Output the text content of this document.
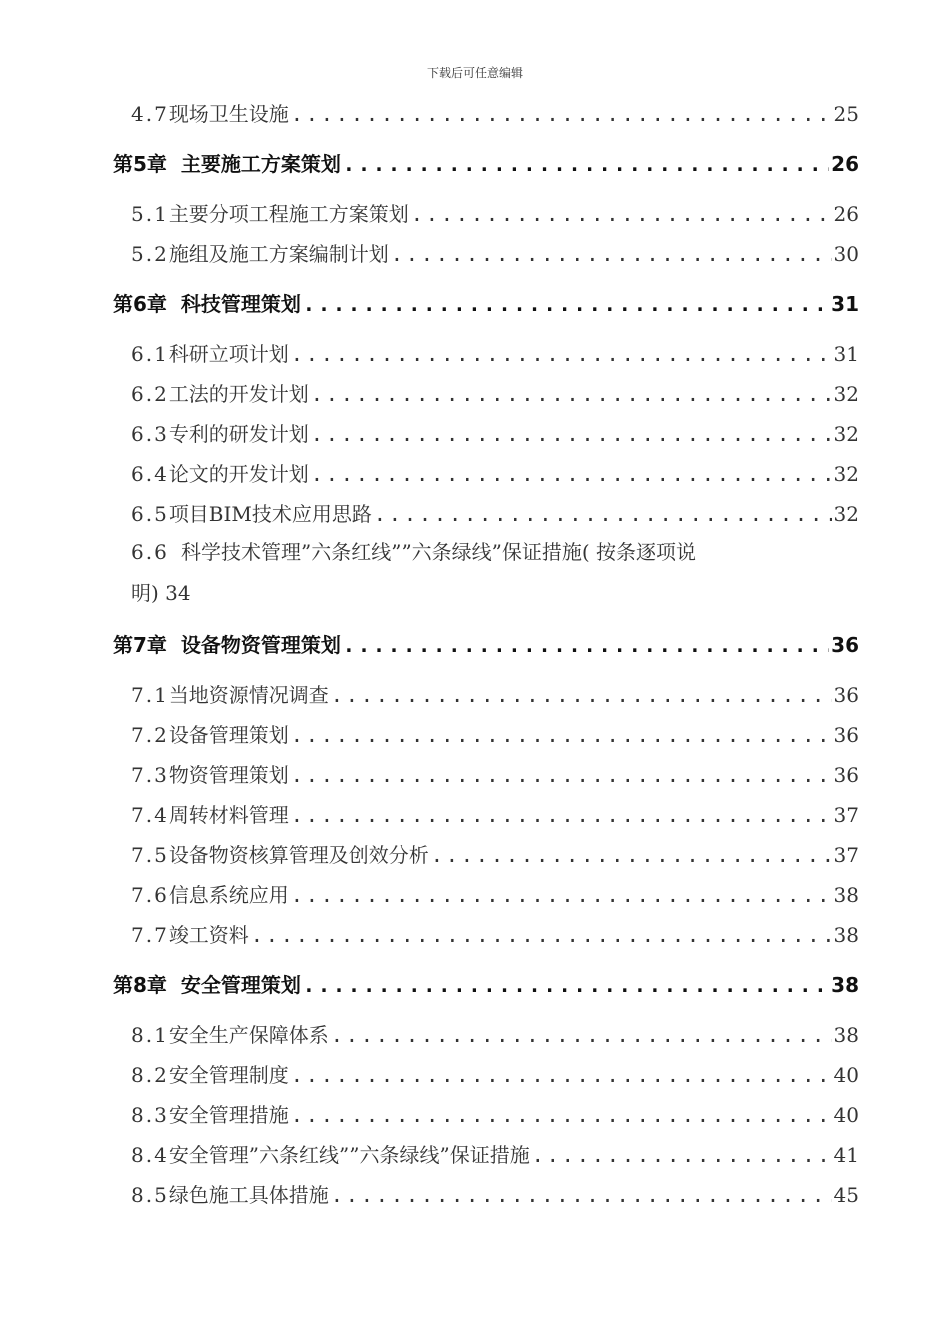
下载后可任意编辑
4.7 现场卫生设施 .....	25
第5章 主要施工方案策划 .....	26
5.1 主要分项工程施工方案策划 .....	26
5.2 施组及施工方案编制计划 .....	30
第6章 科技管理策划 .....	31
6.1 科研立项计划 .....	31
6.2 工法的开发计划 .....	32
6.3 专利的研发计划 .....	32
6.4 论文的开发计划 .....	32
6.5 项目BIM技术应用思路 .....	32
6.6 科学技术管理”六条红线””六条绿线”保证措施( 按条逐项说
明) 34
第7章 设备物资管理策划 .....	36
7.1 当地资源情况调查 .....	36
7.2 设备管理策划 .....	36
7.3 物资管理策划 .....	36
7.4 周转材料管理 .....	37
7.5 设备物资核算管理及创效分析 .....	37
7.6 信息系统应用 .....	38
7.7 竣工资料 .....	38
第8章 安全管理策划 .....	38
8.1 安全生产保障体系 .....	38
8.2 安全管理制度 .....	40
8.3 安全管理措施 .....	40
8.4 安全管理”六条红线””六条绿线”保证措施 .....	41
8.5 绿色施工具体措施 .....	45
